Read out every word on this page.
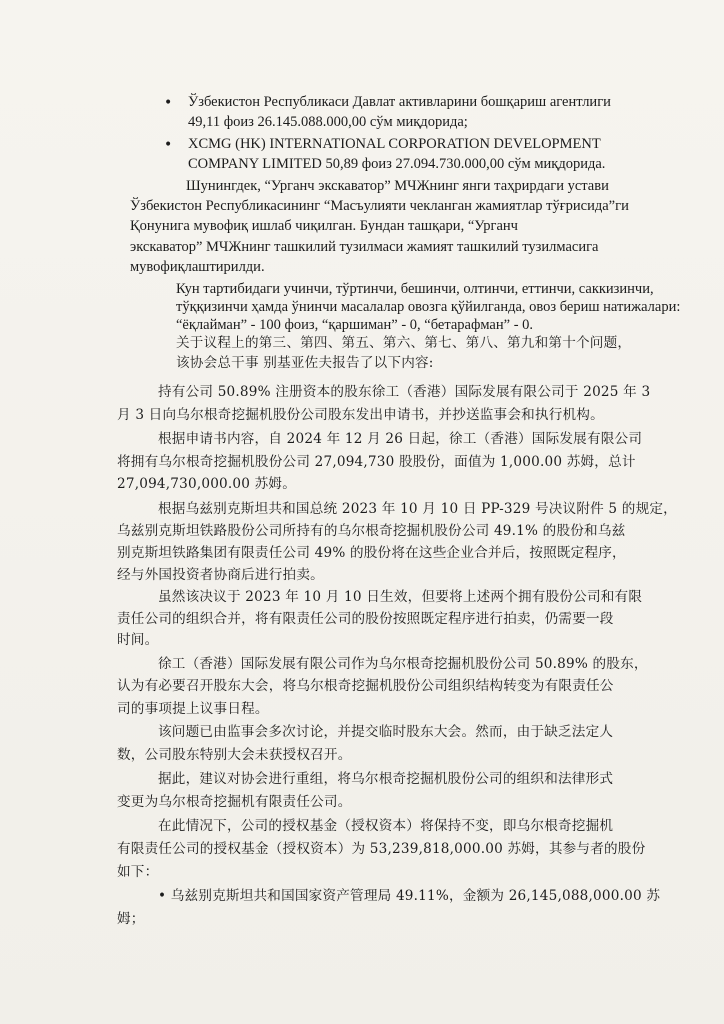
• Ўзбекистон Республикаси Давлат активларини бошқариш агентлиги
49,11 фоиз 26.145.088.000,00 сўм миқдорида;
• XCMG (HK) INTERNATIONAL CORPORATION DEVELOPMENT
COMPANY LIMITED 50,89 фоиз 27.094.730.000,00 сўм миқдорида.
Шунингдек, “Урганч экскаватор” МЧЖнинг янги таҳрирдаги устави
Ўзбекистон Республикасининг “Масъулияти чекланган жамиятлар тўғрисида”ги
Қонунига мувофиқ ишлаб чиқилган. Бундан ташқари, “Урганч
экскаватор” МЧЖнинг ташкилий тузилмаси жамият ташкилий тузилмасига
мувофиқлаштирилди.
Кун тартибидаги учинчи, тўртинчи, бешинчи, олтинчи, еттинчи, саккизинчи,
тўққизинчи ҳамда ўнинчи масалалар овозга қўйилганда, овоз бериш натижалари:
“ёқлайман” - 100 фоиз, “қаршиман” - 0, “бетарафман” - 0.
关于议程上的第三、第四、第五、第六、第七、第八、第九和第十个问题，
该协会总干事 别基亚佐夫报告了以下内容:
持有公司 50.89% 注册资本的股东徐工（香港）国际发展有限公司于 2025 年 3
月 3 日向乌尔根奇挖掘机股份公司股东发出申请书，并抄送监事会和执行机构。
根据申请书内容，自 2024 年 12 月 26 日起，徐工（香港）国际发展有限公司
将拥有乌尔根奇挖掘机股份公司 27,094,730 股股份，面值为 1,000.00 苏姆，总计
27,094,730,000.00 苏姆。
根据乌兹别克斯坦共和国总统 2023 年 10 月 10 日 PP-329 号决议附件 5 的规定，
乌兹别克斯坦铁路股份公司所持有的乌尔根奇挖掘机股份公司 49.1% 的股份和乌兹
别克斯坦铁路集团有限责任公司 49% 的股份将在这些企业合并后，按照既定程序，
经与外国投资者协商后进行拍卖。
虽然该决议于 2023 年 10 月 10 日生效，但要将上述两个拥有股份公司和有限
责任公司的组织合并，将有限责任公司的股份按照既定程序进行拍卖，仍需要一段
时间。
徐工（香港）国际发展有限公司作为乌尔根奇挖掘机股份公司 50.89% 的股东，
认为有必要召开股东大会，将乌尔根奇挖掘机股份公司组织结构转变为有限责任公
司的事项提上议事日程。
该问题已由监事会多次讨论，并提交临时股东大会。然而，由于缺乏法定人
数，公司股东特别大会未获授权召开。
据此，建议对协会进行重组，将乌尔根奇挖掘机股份公司的组织和法律形式
变更为乌尔根奇挖掘机有限责任公司。
在此情况下，公司的授权基金（授权资本）将保持不变，即乌尔根奇挖掘机
有限责任公司的授权基金（授权资本）为 53,239,818,000.00 苏姆，其参与者的股份
如下：
• 乌兹别克斯坦共和国国家资产管理局 49.11%，金额为 26,145,088,000.00 苏
姆；
